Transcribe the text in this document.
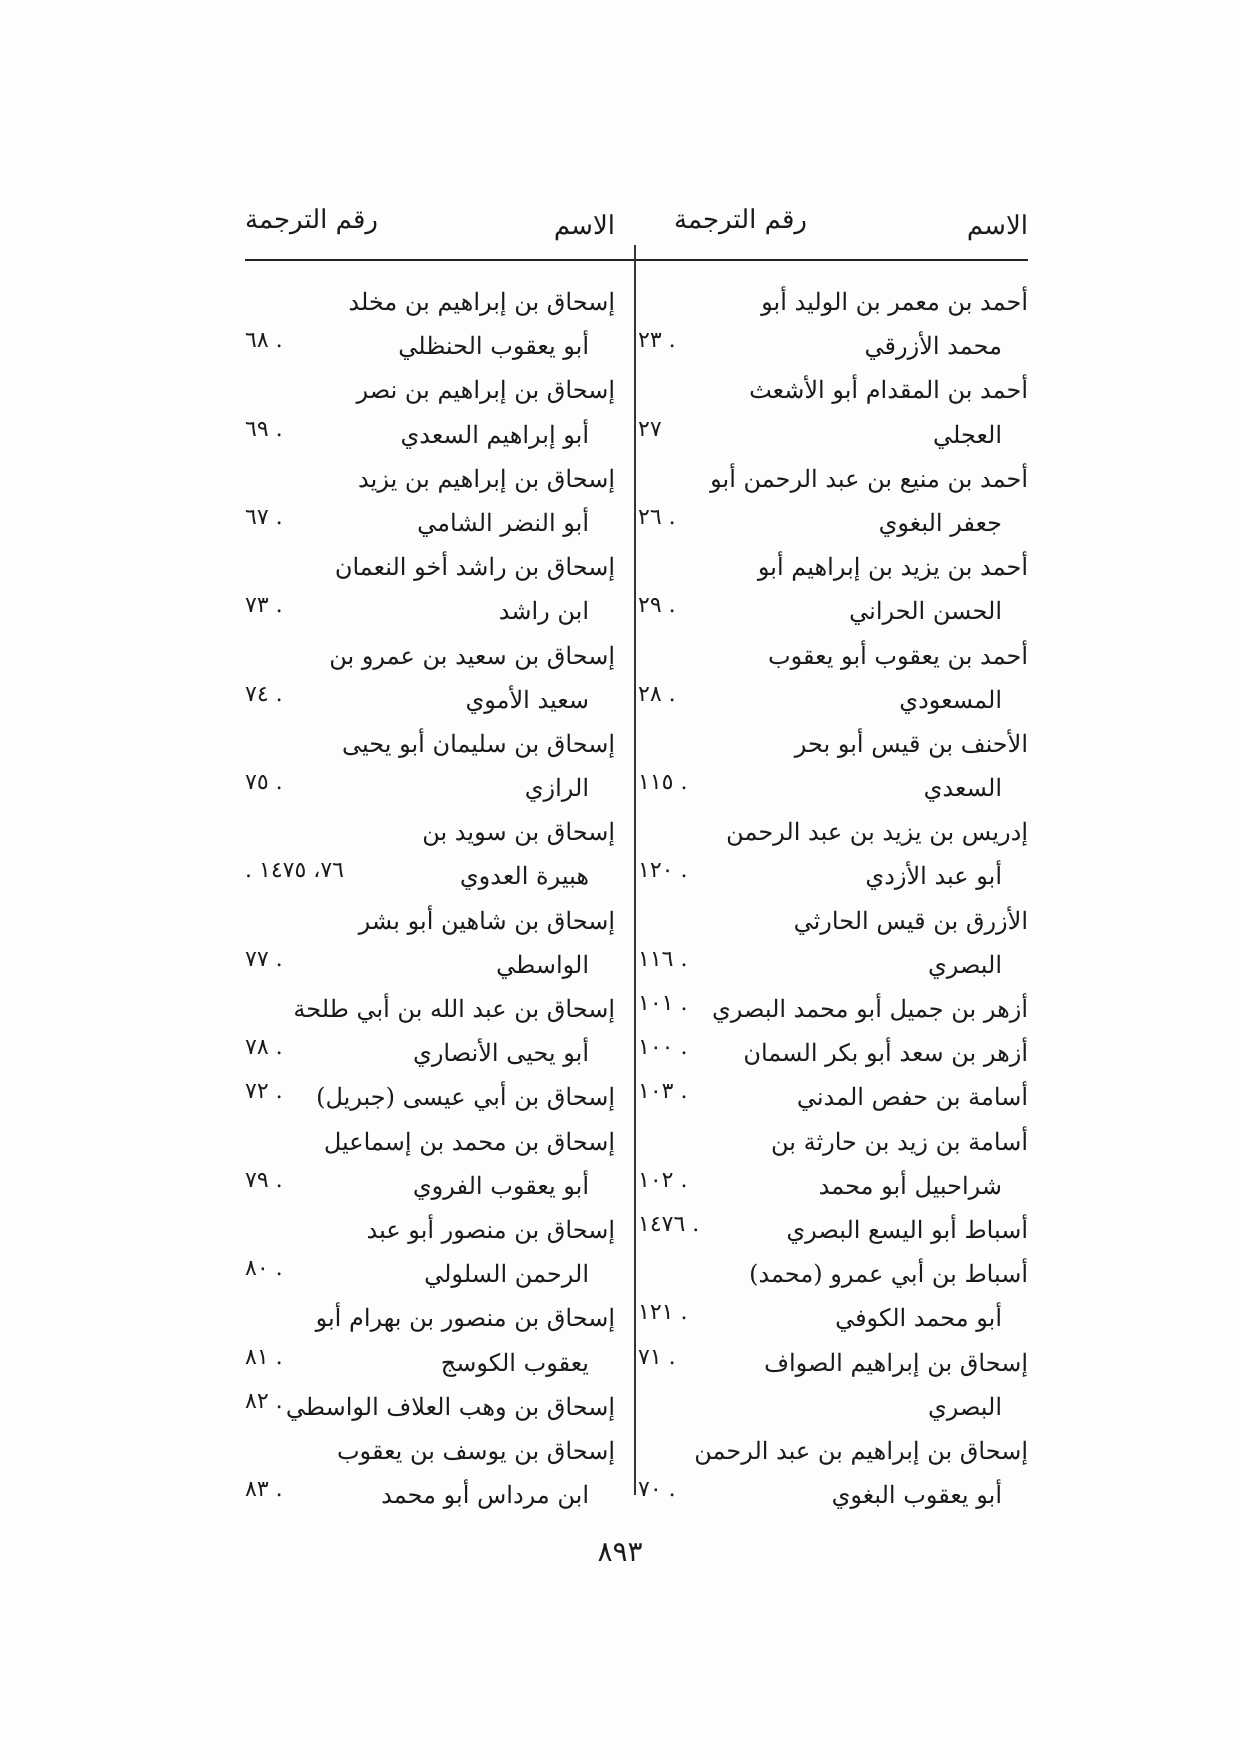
الاسم
رقم الترجمة
الاسم
رقم الترجمة
أحمد بن معمر بن الوليد أبو
محمد الأزرقي
. ٢٣
أحمد بن المقدام أبو الأشعث
العجلي
٢٧
أحمد بن منيع بن عبد الرحمن أبو
جعفر البغوي
. ٢٦
أحمد بن يزيد بن إبراهيم أبو
الحسن الحراني
. ٢٩
أحمد بن يعقوب أبو يعقوب
المسعودي
. ٢٨
الأحنف بن قيس أبو بحر
السعدي
. ١١٥
إدريس بن يزيد بن عبد الرحمن
أبو عبد الأزدي
. ١٢٠
الأزرق بن قيس الحارثي
البصري
. ١١٦
أزهر بن جميل أبو محمد البصري
. ١٠١
أزهر بن سعد أبو بكر السمان
. ١٠٠
أسامة بن حفص المدني
. ١٠٣
أسامة بن زيد بن حارثة بن
شراحبيل أبو محمد
. ١٠٢
أسباط أبو اليسع البصري
. ١٤٧٦
أسباط بن أبي عمرو (محمد)
أبو محمد الكوفي
. ١٢١
إسحاق بن إبراهيم الصواف
. ٧١
البصري
إسحاق بن إبراهيم بن عبد الرحمن
أبو يعقوب البغوي
. ٧٠
إسحاق بن إبراهيم بن مخلد
أبو يعقوب الحنظلي
. ٦٨
إسحاق بن إبراهيم بن نصر
أبو إبراهيم السعدي
. ٦٩
إسحاق بن إبراهيم بن يزيد
أبو النضر الشامي
. ٦٧
إسحاق بن راشد أخو النعمان
ابن راشد
. ٧٣
إسحاق بن سعيد بن عمرو بن
سعيد الأموي
. ٧٤
إسحاق بن سليمان أبو يحيى
الرازي
. ٧٥
إسحاق بن سويد بن
هبيرة العدوي
٧٦، ١٤٧٥ .
إسحاق بن شاهين أبو بشر
الواسطي
. ٧٧
إسحاق بن عبد الله بن أبي طلحة
أبو يحيى الأنصاري
. ٧٨
إسحاق بن أبي عيسى (جبريل)
. ٧٢
إسحاق بن محمد بن إسماعيل
أبو يعقوب الفروي
. ٧٩
إسحاق بن منصور أبو عبد
الرحمن السلولي
. ٨٠
إسحاق بن منصور بن بهرام أبو
يعقوب الكوسج
. ٨١
إسحاق بن وهب العلاف الواسطي
. ٨٢
إسحاق بن يوسف بن يعقوب
ابن مرداس أبو محمد
. ٨٣
٨٩٣
